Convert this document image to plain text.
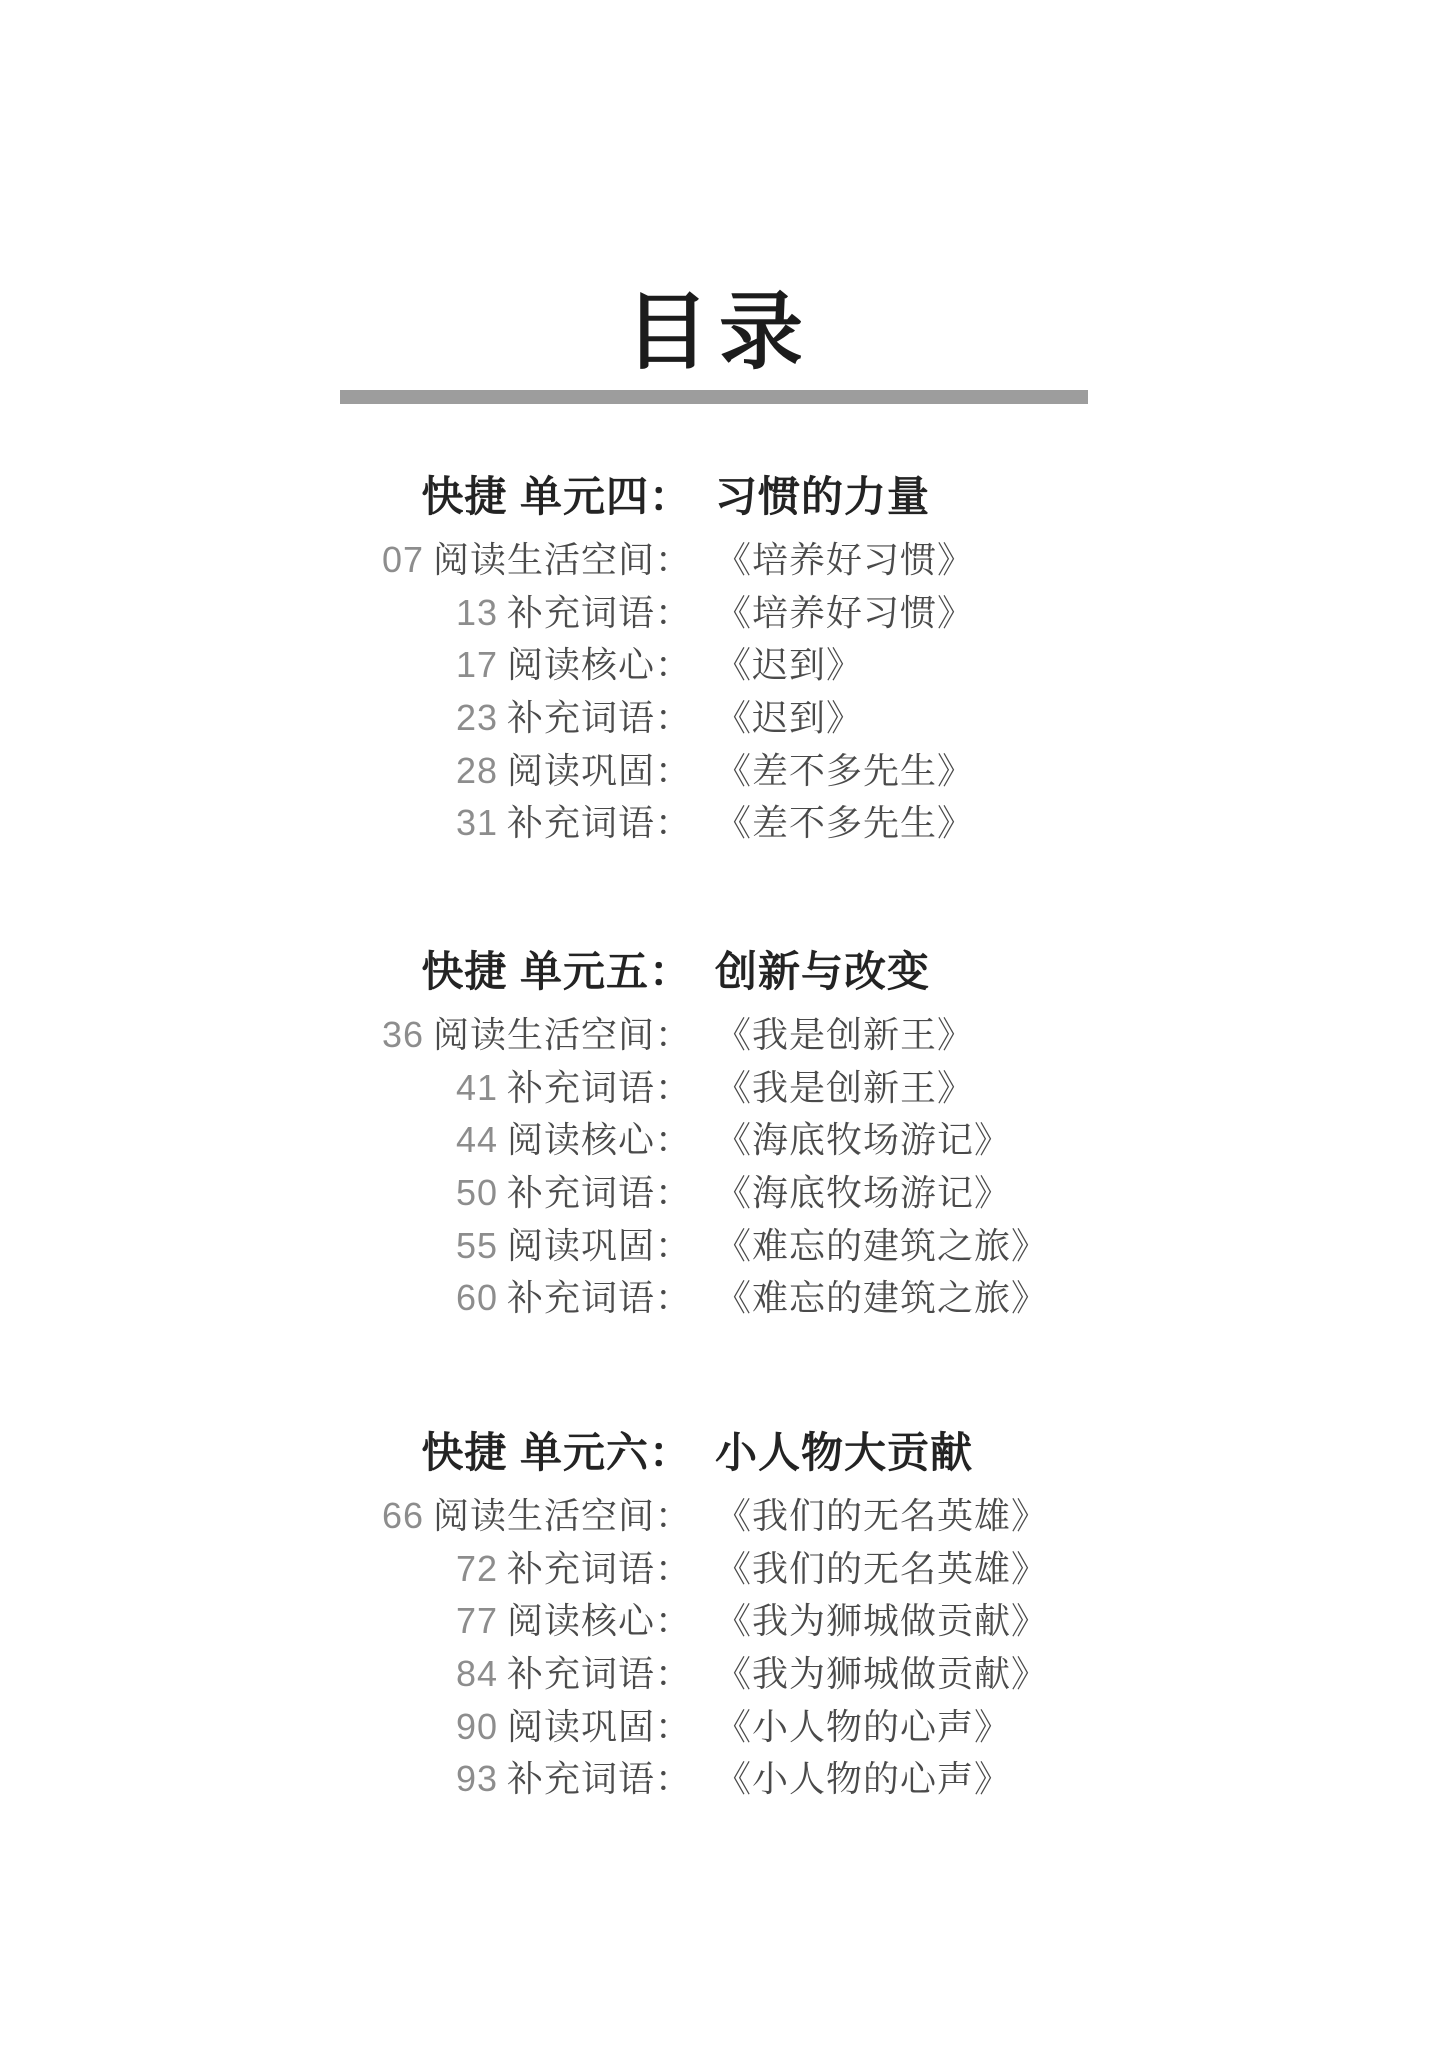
目录
快捷 单元四： 习惯的力量
07 阅读生活空间： 《培养好习惯》
13 补充词语： 《培养好习惯》
17 阅读核心： 《迟到》
23 补充词语： 《迟到》
28 阅读巩固： 《差不多先生》
31 补充词语： 《差不多先生》
快捷 单元五： 创新与改变
36 阅读生活空间： 《我是创新王》
41 补充词语： 《我是创新王》
44 阅读核心： 《海底牧场游记》
50 补充词语： 《海底牧场游记》
55 阅读巩固： 《难忘的建筑之旅》
60 补充词语： 《难忘的建筑之旅》
快捷 单元六： 小人物大贡献
66 阅读生活空间： 《我们的无名英雄》
72 补充词语： 《我们的无名英雄》
77 阅读核心： 《我为狮城做贡献》
84 补充词语： 《我为狮城做贡献》
90 阅读巩固： 《小人物的心声》
93 补充词语： 《小人物的心声》
